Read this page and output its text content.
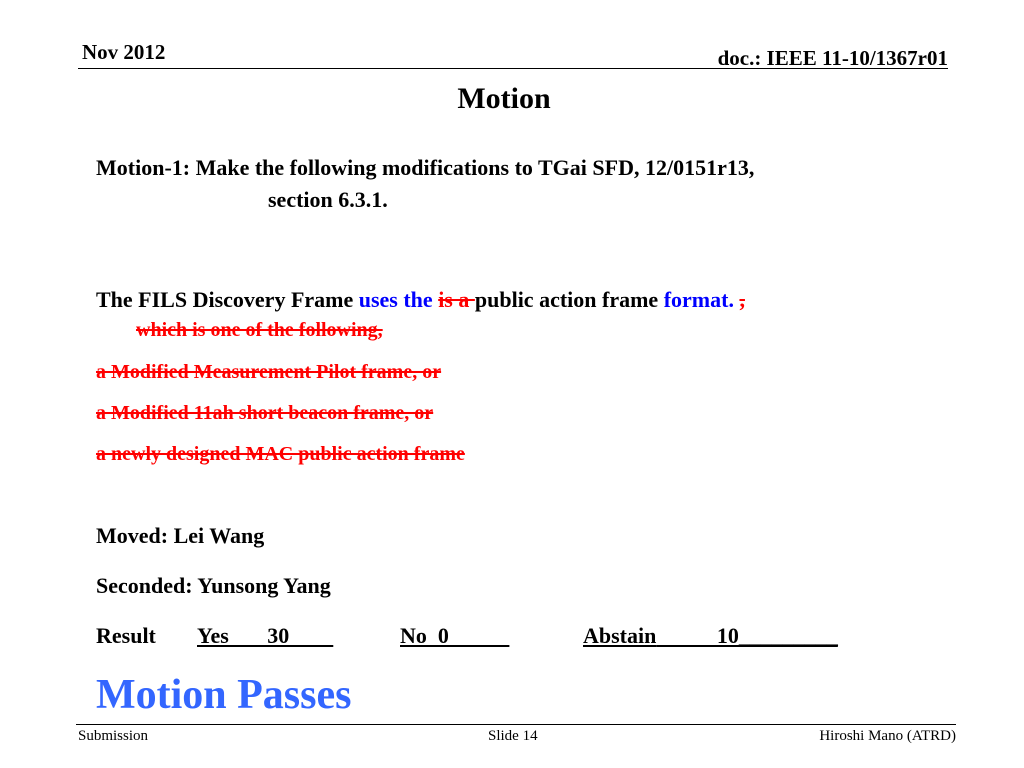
Nov 2012	doc.: IEEE 11-10/1367r01
Motion
Motion-1: Make the following modifications to TGai SFD, 12/0151r13,
section 6.3.1.
The FILS Discovery Frame uses the is a public action frame format. ,
which is one of the following,
a Modified Measurement Pilot frame, or
a Modified 11ah short beacon frame, or
a newly designed MAC public action frame
Moved: Lei Wang
Seconded: Yunsong Yang
Result Yes       30	No  0	Abstain           10_________
Motion Passes
Submission	Slide 14	Hiroshi Mano (ATRD)
